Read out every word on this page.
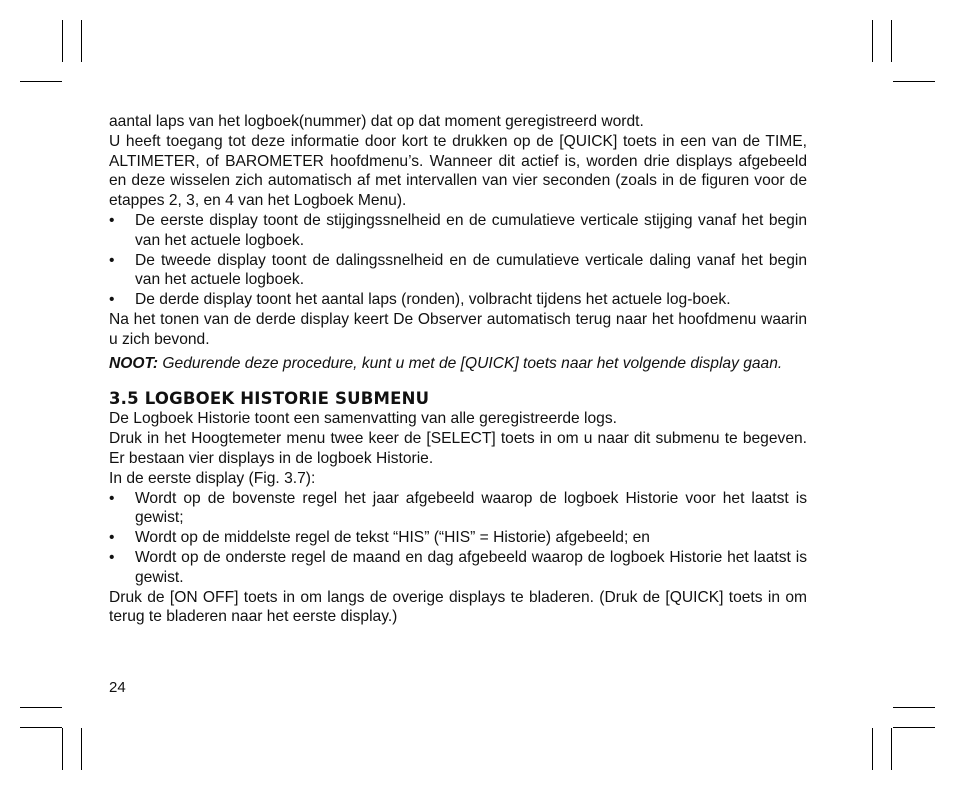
aantal laps van het logboek(nummer) dat op dat moment geregistreerd wordt.

U heeft toegang tot deze informatie door kort te drukken op de [QUICK] toets in een van de TIME, ALTIMETER, of BAROMETER hoofdmenu’s. Wanneer dit actief is, worden drie displays afgebeeld en deze wisselen zich automatisch af met intervallen van vier seconden (zoals in de figuren voor de etappes 2, 3, en 4 van het Logboek Menu).

• De eerste display toont de stijgingssnelheid en de cumulatieve verticale stijging vanaf het begin van het actuele logboek.
• De tweede display toont de dalingssnelheid en de cumulatieve verticale daling vanaf het begin van het actuele logboek.
• De derde display toont het aantal laps (ronden), volbracht tijdens het actuele log-boek.

Na het tonen van de derde display keert De Observer automatisch terug naar het hoofdmenu waarin u zich bevond.

NOOT: Gedurende deze procedure, kunt u met de [QUICK] toets naar het volgende display gaan.

3.5 LOGBOEK HISTORIE SUBMENU

De Logboek Historie toont een samenvatting van alle geregistreerde logs.

Druk in het Hoogtemeter menu twee keer de [SELECT] toets in om u naar dit submenu te begeven. Er bestaan vier displays in de logboek Historie.

In de eerste display (Fig. 3.7):

• Wordt op de bovenste regel het jaar afgebeeld waarop de logboek Historie voor het laatst is gewist;
• Wordt op de middelste regel de tekst “HIS” (“HIS” = Historie) afgebeeld; en
• Wordt op de onderste regel de maand en dag afgebeeld waarop de logboek Historie het laatst is gewist.

Druk de [ON OFF] toets in om langs de overige displays te bladeren. (Druk de [QUICK] toets in om terug te bladeren naar het eerste display.)

24
